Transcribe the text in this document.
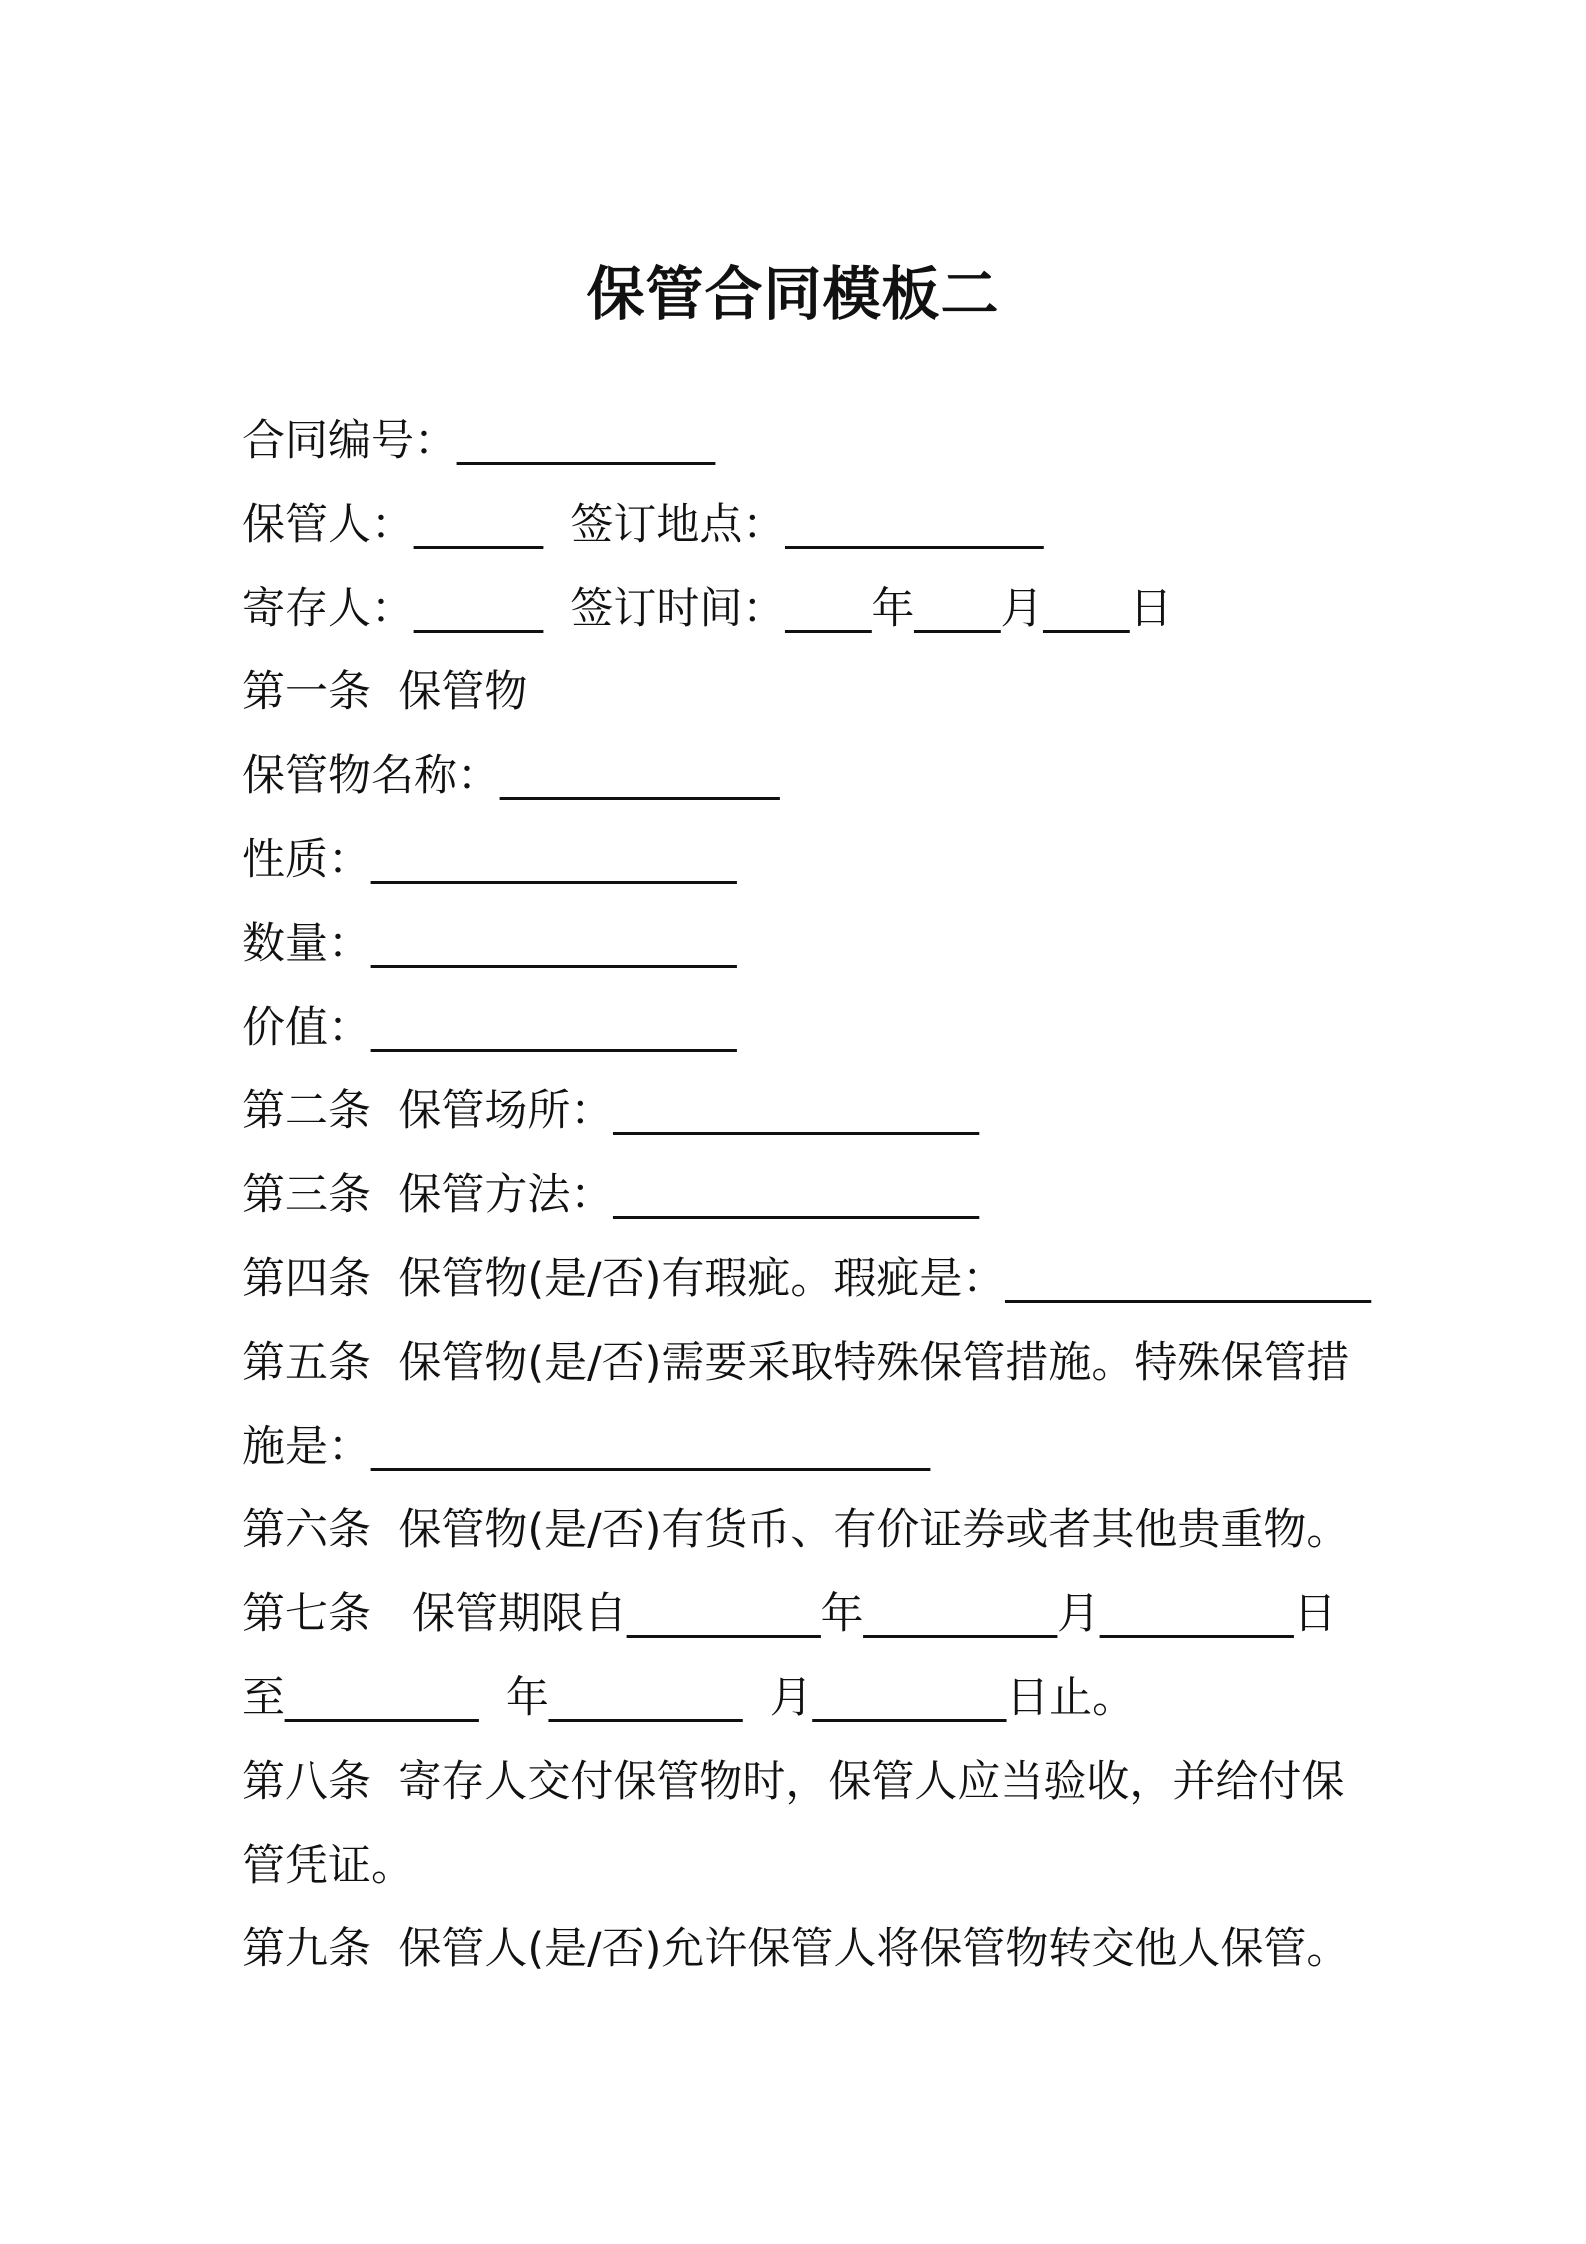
保管合同模板二
合同编号：____________
保管人：______  签订地点：____________
寄存人：______  签订时间：____年____月____日
第一条  保管物
保管物名称：_____________
性质：_________________
数量：_________________
价值：_________________
第二条  保管场所：_________________
第三条  保管方法：_________________
第四条  保管物(是/否)有瑕疵。瑕疵是：_________________
第五条  保管物(是/否)需要采取特殊保管措施。特殊保管措
施是：__________________________
第六条  保管物(是/否)有货币、有价证券或者其他贵重物。
第七条   保管期限自_________年_________月_________日
至_________  年_________  月_________日止。
第八条  寄存人交付保管物时，保管人应当验收，并给付保
管凭证。
第九条  保管人(是/否)允许保管人将保管物转交他人保管。
